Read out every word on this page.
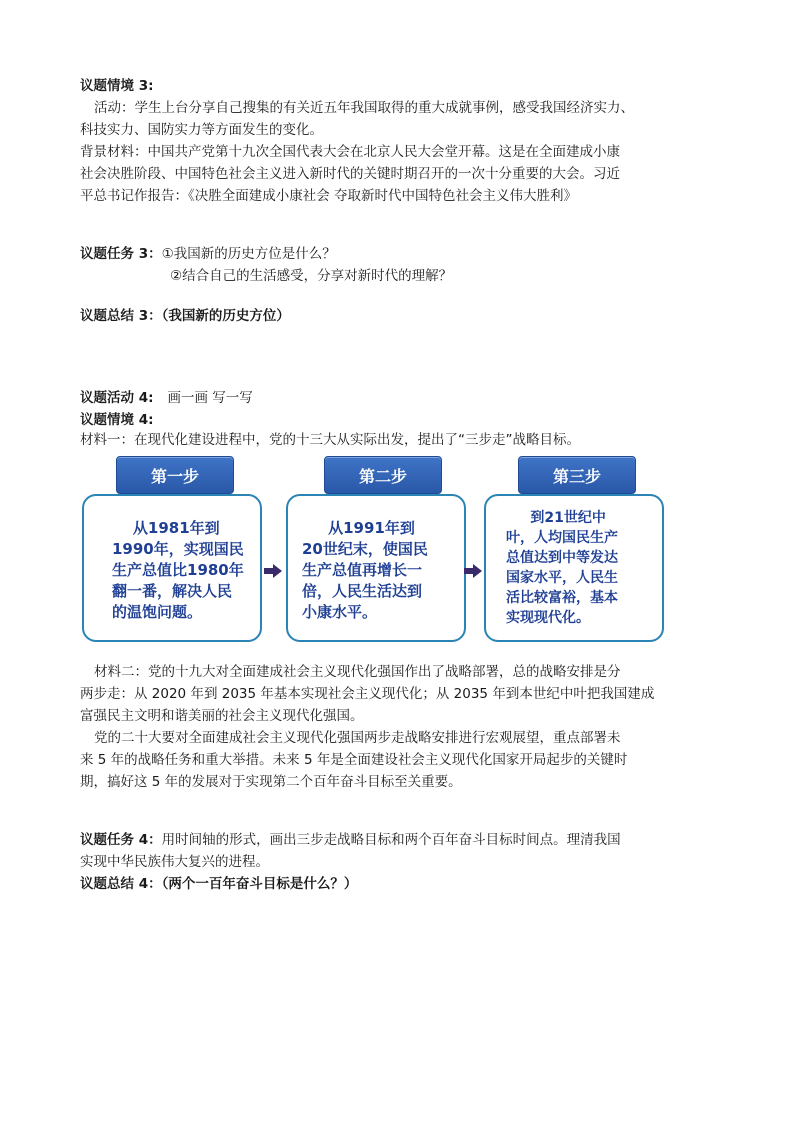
议题情境 3:
活动：学生上台分享自己搜集的有关近五年我国取得的重大成就事例，感受我国经济实力、
科技实力、国防实力等方面发生的变化。
背景材料：中国共产党第十九次全国代表大会在北京人民大会堂开幕。这是在全面建成小康
社会决胜阶段、中国特色社会主义进入新时代的关键时期召开的一次十分重要的大会。习近
平总书记作报告：《决胜全面建成小康社会 夺取新时代中国特色社会主义伟大胜利》
议题任务 3：①我国新的历史方位是什么？
②结合自己的生活感受，分享对新时代的理解？
议题总结 3：（我国新的历史方位）
议题活动 4: 画一画 写一写
议题情境 4:
材料一：在现代化建设进程中，党的十三大从实际出发，提出了“三步走”战略目标。
从1981年到
1990年，实现国民
生产总值比1980年
翻一番，解决人民
的温饱问题。
第一步
从1991年到
20世纪末，使国民
生产总值再增长一
倍，人民生活达到
小康水平。
第二步
到21世纪中
叶，人均国民生产
总值达到中等发达
国家水平，人民生
活比较富裕，基本
实现现代化。
第三步
材料二：党的十九大对全面建成社会主义现代化强国作出了战略部署，总的战略安排是分
两步走：从 2020 年到 2035 年基本实现社会主义现代化；从 2035 年到本世纪中叶把我国建成
富强民主文明和谐美丽的社会主义现代化强国。
党的二十大要对全面建成社会主义现代化强国两步走战略安排进行宏观展望，重点部署未
来 5 年的战略任务和重大举措。未来 5 年是全面建设社会主义现代化国家开局起步的关键时
期，搞好这 5 年的发展对于实现第二个百年奋斗目标至关重要。
议题任务 4：用时间轴的形式，画出三步走战略目标和两个百年奋斗目标时间点。理清我国
实现中华民族伟大复兴的进程。
议题总结 4：（两个一百年奋斗目标是什么？）
